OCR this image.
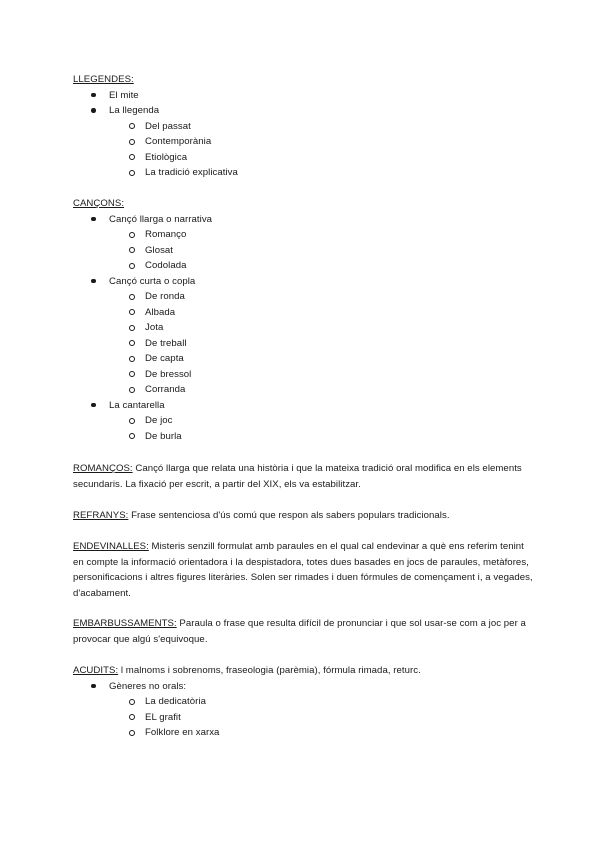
LLEGENDES:
El mite
La llegenda
Del passat
Contemporània
Etiològica
La tradició explicativa
CANÇONS:
Cançó llarga o narrativa
Romanço
Glosat
Codolada
Cançó curta o copla
De ronda
Albada
Jota
De treball
De capta
De bressol
Corranda
La cantarella
De joc
De burla
ROMANÇOS: Cançó llarga que relata una història i que la mateixa tradició oral modifica en els elements secundaris. La fixació per escrit, a partir del XIX, els va estabilitzar.
REFRANYS: Frase sentenciosa d'ús comú que respon als sabers populars tradicionals.
ENDEVINALLES: Misteris senzill formulat amb paraules en el qual cal endevinar a què ens referim tenint en compte la informació orientadora i la despistadora, totes dues basades en jocs de paraules, metàfores, personificacions i altres figures literàries. Solen ser rimades i duen fórmules de començament i, a vegades, d'acabament.
EMBARBUSSAMENTS: Paraula o frase que resulta difícil de pronunciar i que sol usar-se com a joc per a provocar que algú s'equivoque.
ACUDITS: l malnoms i sobrenoms, fraseologia (parèmia), fórmula rimada, returc.
Gèneres no orals:
La dedicatòria
EL grafit
Folklore en xarxa
